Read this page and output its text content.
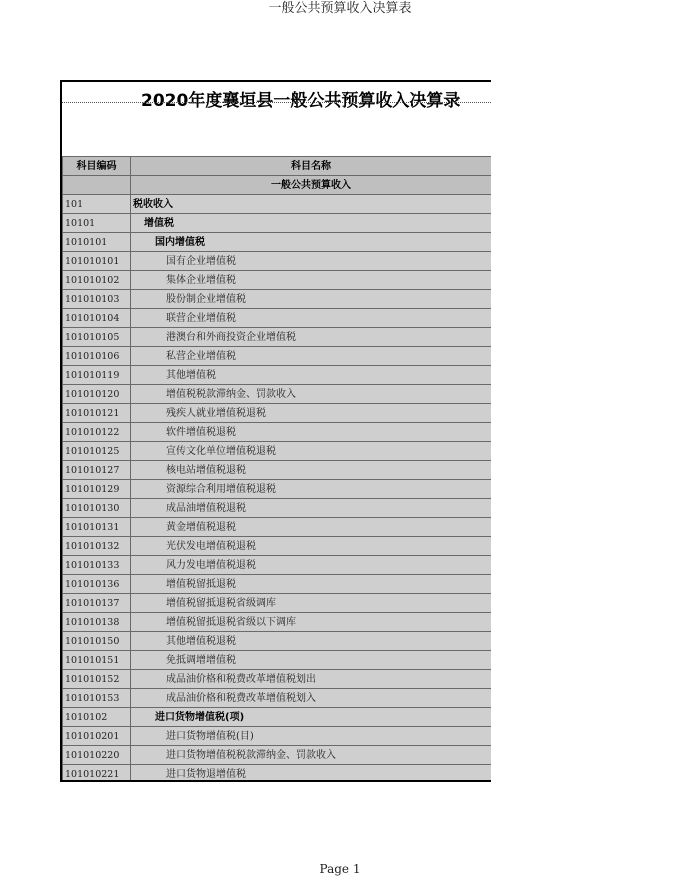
一般公共预算收入决算表
2020年度襄垣县一般公共预算收入决算录
科目编码	科目名称
	一般公共预算收入
101	税收收入
10101	增值税
1010101	国内增值税
101010101	国有企业增值税
101010102	集体企业增值税
101010103	股份制企业增值税
101010104	联营企业增值税
101010105	港澳台和外商投资企业增值税
101010106	私营企业增值税
101010119	其他增值税
101010120	增值税税款滞纳金、罚款收入
101010121	残疾人就业增值税退税
101010122	软件增值税退税
101010125	宣传文化单位增值税退税
101010127	核电站增值税退税
101010129	资源综合利用增值税退税
101010130	成品油增值税退税
101010131	黄金增值税退税
101010132	光伏发电增值税退税
101010133	风力发电增值税退税
101010136	增值税留抵退税
101010137	增值税留抵退税省级调库
101010138	增值税留抵退税省级以下调库
101010150	其他增值税退税
101010151	免抵调增增值税
101010152	成品油价格和税费改革增值税划出
101010153	成品油价格和税费改革增值税划入
1010102	进口货物增值税(项)
101010201	进口货物增值税(目)
101010220	进口货物增值税税款滞纳金、罚款收入
101010221	进口货物退增值税
Page 1
